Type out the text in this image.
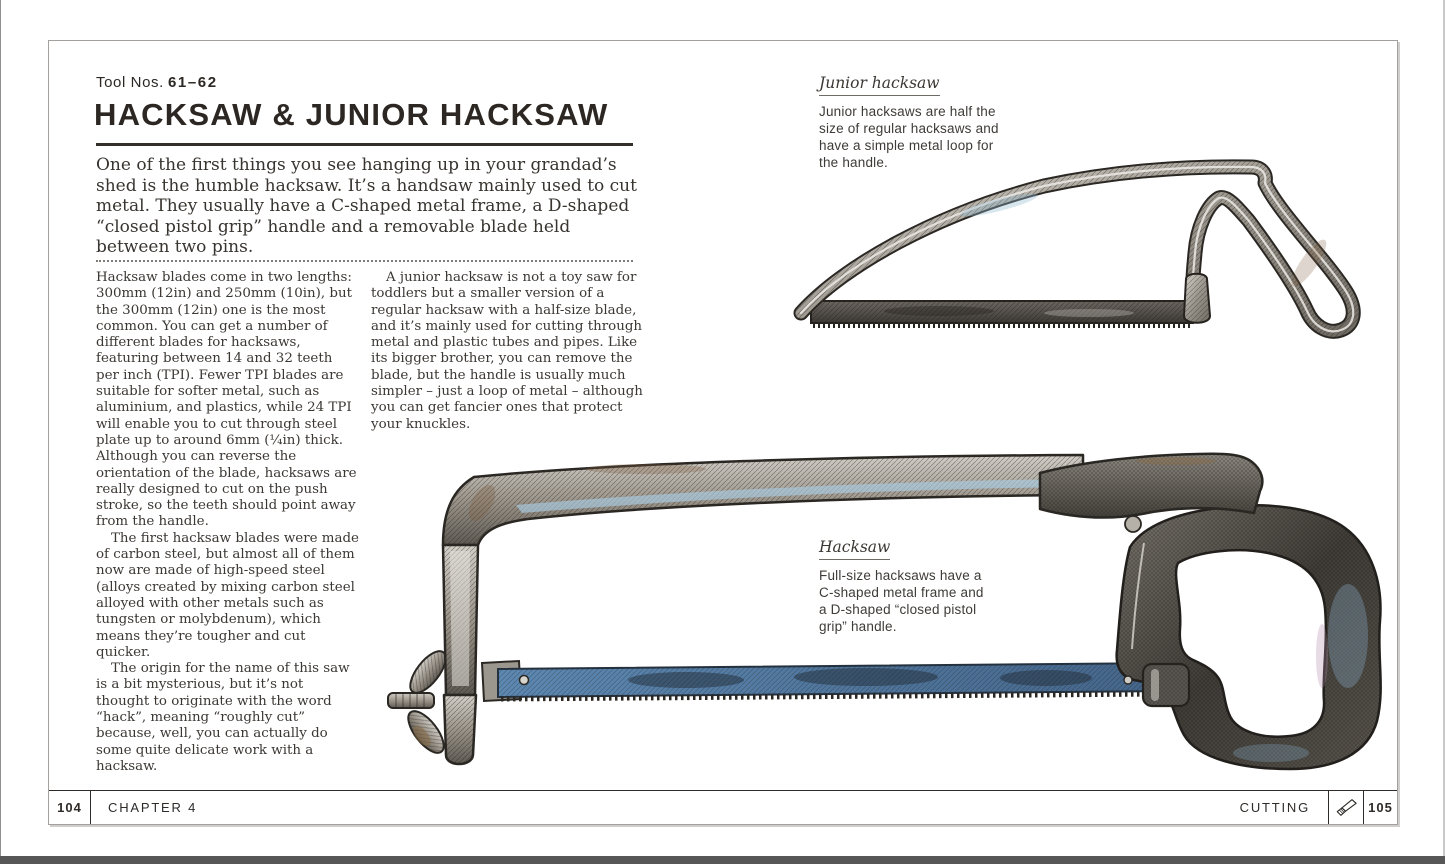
Tool Nos. 61–62
HACKSAW & JUNIOR HACKSAW

One of the first things you see hanging up in your grandad’s shed is the humble hacksaw. It’s a handsaw mainly used to cut metal. They usually have a C-shaped metal frame, a D-shaped “closed pistol grip” handle and a removable blade held between two pins.

Hacksaw blades come in two lengths: 300mm (12in) and 250mm (10in), but the 300mm (12in) one is the most common. You can get a number of different blades for hacksaws, featuring between 14 and 32 teeth per inch (TPI). Fewer TPI blades are suitable for softer metal, such as aluminium, and plastics, while 24 TPI will enable you to cut through steel plate up to around 6mm (¼in) thick. Although you can reverse the orientation of the blade, hacksaws are really designed to cut on the push stroke, so the teeth should point away from the handle.

The first hacksaw blades were made of carbon steel, but almost all of them now are made of high-speed steel (alloys created by mixing carbon steel alloyed with other metals such as tungsten or molybdenum), which means they’re tougher and cut quicker.

The origin for the name of this saw is a bit mysterious, but it’s not thought to originate with the word “hack”, meaning “roughly cut” because, well, you can actually do some quite delicate work with a hacksaw.

A junior hacksaw is not a toy saw for toddlers but a smaller version of a regular hacksaw with a half-size blade, and it’s mainly used for cutting through metal and plastic tubes and pipes. Like its bigger brother, you can remove the blade, but the handle is usually much simpler – just a loop of metal – although you can get fancier ones that protect your knuckles.

Junior hacksaw
Junior hacksaws are half the size of regular hacksaws and have a simple metal loop for the handle.
Hacksaw
Full-size hacksaws have a C-shaped metal frame and a D-shaped “closed pistol grip” handle.
104	CHAPTER 4	CUTTING	105
